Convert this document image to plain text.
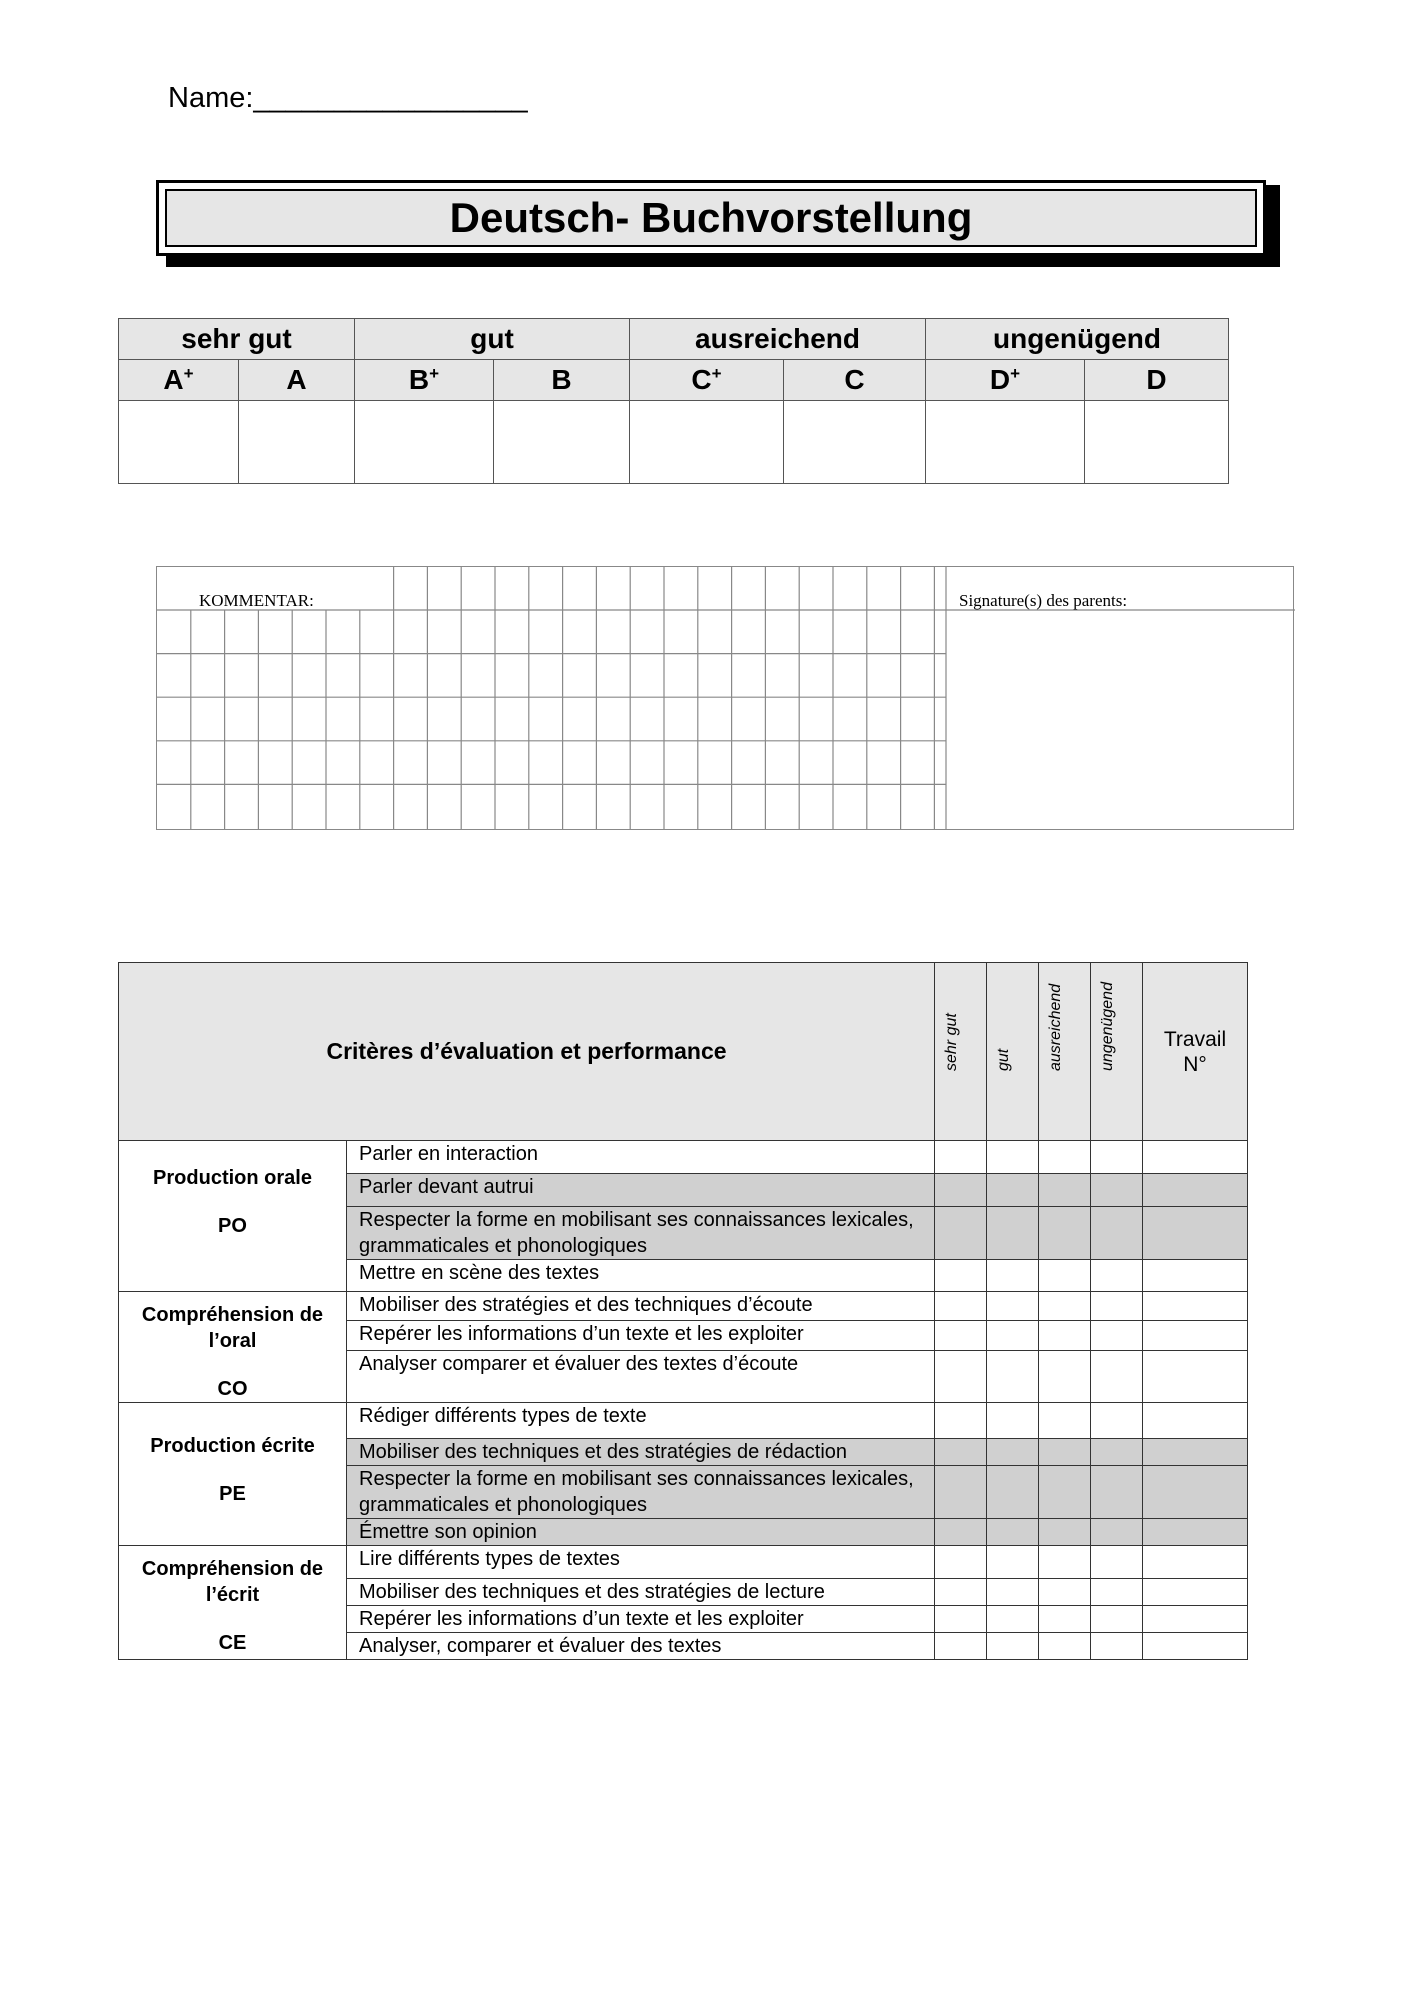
Name:_________________
Deutsch- Buchvorstellung
sehr gut		gut		ausreichend		ungenügend	
A+	A	B+	B	C+	C	D+	D

KOMMENTAR:	Signature(s) des parents:
Critères d’évaluation et performance		sehr gut	gut	ausreichend	ungenügend	Travail
N°

Production orale
PO	Parler en interaction					
	Parler devant autrui					
	Respecter la forme en mobilisant ses connaissances lexicales, grammaticales et phonologiques					
	Mettre en scène des textes					

Compréhension de l’oral
CO	Mobiliser des stratégies et des techniques d’écoute					
	Repérer les informations d’un texte et les exploiter					
	Analyser comparer et évaluer des textes d’écoute					

Production écrite
PE	Rédiger différents types de texte					
	Mobiliser des techniques et des stratégies de rédaction					
	Respecter la forme en mobilisant ses connaissances lexicales, grammaticales et phonologiques					
	Émettre son opinion					

Compréhension de l’écrit
CE	Lire différents types de textes					
	Mobiliser des techniques et des stratégies de lecture					
	Repérer les informations d’un texte et les exploiter					
	Analyser, comparer et évaluer des textes					
